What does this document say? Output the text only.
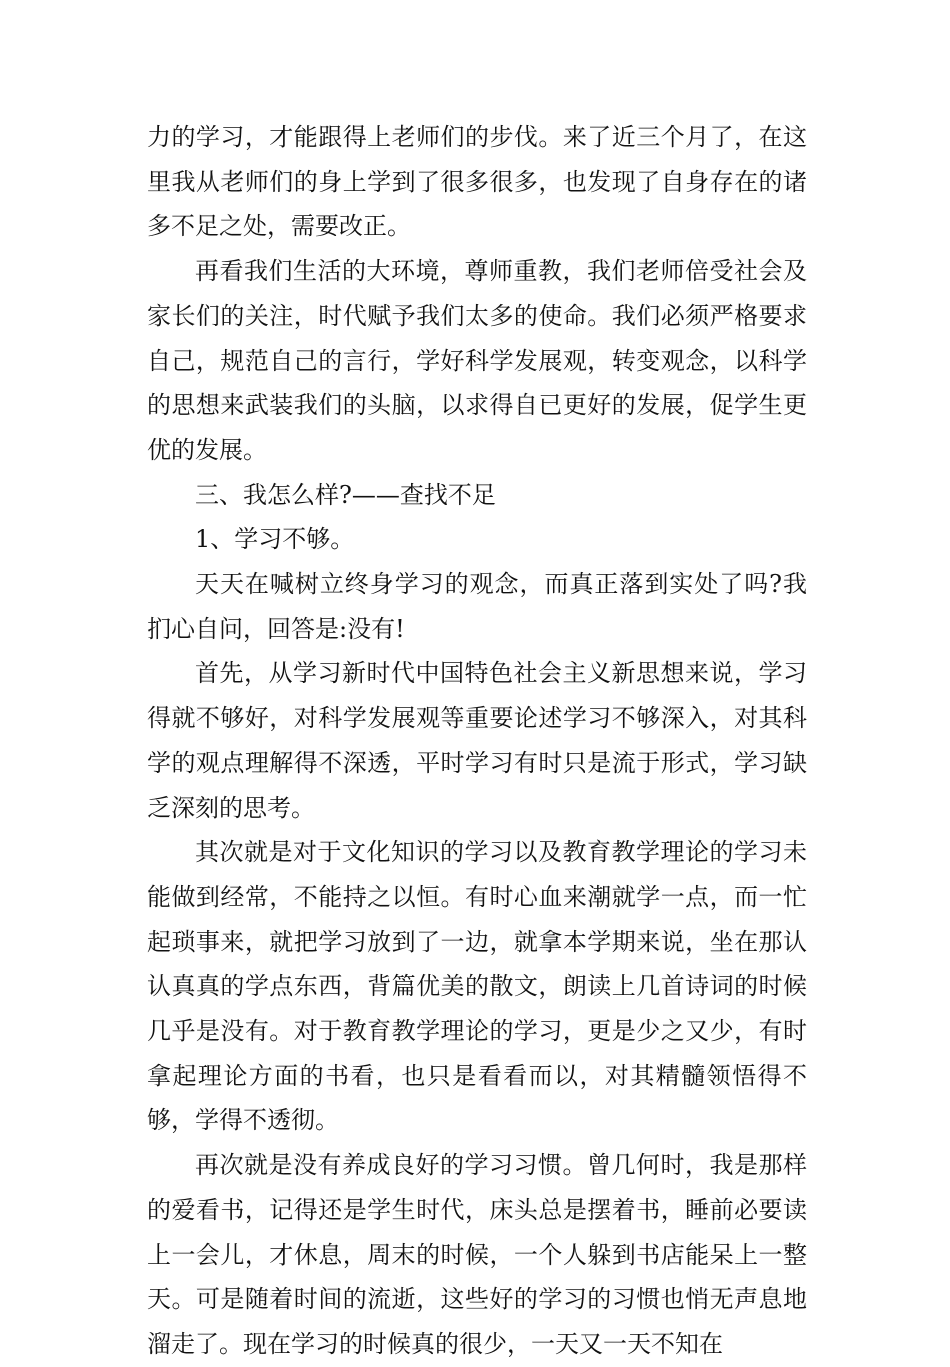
力的学习，才能跟得上老师们的步伐。来了近三个月了，在这里我从老师们的身上学到了很多很多，也发现了自身存在的诸多不足之处，需要改正。

再看我们生活的大环境，尊师重教，我们老师倍受社会及家长们的关注，时代赋予我们太多的使命。我们必须严格要求自己，规范自己的言行，学好科学发展观，转变观念，以科学的思想来武装我们的头脑，以求得自已更好的发展，促学生更优的发展。

三、我怎么样?——查找不足

1、学习不够。

天天在喊树立终身学习的观念，而真正落到实处了吗?我扪心自问，回答是:没有!

首先，从学习新时代中国特色社会主义新思想来说，学习得就不够好，对科学发展观等重要论述学习不够深入，对其科学的观点理解得不深透，平时学习有时只是流于形式，学习缺乏深刻的思考。

其次就是对于文化知识的学习以及教育教学理论的学习未能做到经常，不能持之以恒。有时心血来潮就学一点，而一忙起琐事来，就把学习放到了一边，就拿本学期来说，坐在那认认真真的学点东西，背篇优美的散文，朗读上几首诗词的时候几乎是没有。对于教育教学理论的学习，更是少之又少，有时拿起理论方面的书看，也只是看看而以，对其精髓领悟得不够，学得不透彻。

再次就是没有养成良好的学习习惯。曾几何时，我是那样的爱看书，记得还是学生时代，床头总是摆着书，睡前必要读上一会儿，才休息，周末的时候，一个人躲到书店能呆上一整天。可是随着时间的流逝，这些好的学习的习惯也悄无声息地溜走了。现在学习的时候真的很少，一天又一天不知在
